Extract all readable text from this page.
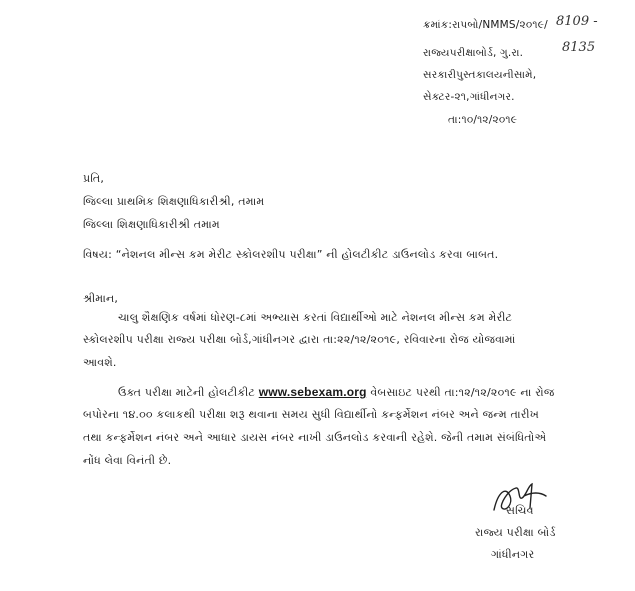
ક્રમાંક:રાપબો/NMMS/૨૦૧૯/ 8109 -
8135
રાજ્યપરીક્ષાબોર્ડ, ગુ.રા.
સરકારીપુસ્તકાલયનીસામે,
સેક્ટર-૨૧,ગાંધીનગર.
તા:૧૦/૧૨/૨૦૧૯
પ્રતિ,
જિલ્લા પ્રાથમિક શિક્ષણાધિકારીશ્રી, તમામ
જિલ્લા શિક્ષણાધિકારીશ્રી તમામ
વિષય: “નેશનલ મીન્સ કમ મેરીટ સ્કોલરશીપ પરીક્ષા” ની હોલટીકીટ ડાઉનલોડ કરવા બાબત.
શ્રીમાન,
ચાલુ શૈક્ષણિક વર્ષમાં ધોરણ-૮માં અભ્યાસ કરતાં વિદ્યાર્થીઓ માટે નેશનલ મીન્સ કમ મેરીટ
સ્કોલરશીપ પરીક્ષા રાજ્ય પરીક્ષા બોર્ડ,ગાંધીનગર દ્વારા તા:૨૨/૧૨/૨૦૧૯, રવિવારના રોજ યોજવામાં
આવશે.
ઉક્ત પરીક્ષા માટેની હોલટીકીટ www.sebexam.org વેબસાઇટ પરથી તા:૧૨/૧૨/૨૦૧૯ ના રોજ
બપોરના ૧૪.૦૦ કલાકથી પરીક્ષા શરૂ થવાના સમય સુધી વિદ્યાર્થીનો કન્ફર્મેશન નંબર અને જન્મ તારીખ
તથા કન્ફર્મેશન નંબર અને આધાર ડાયસ નંબર નાખી ડાઉનલોડ કરવાની રહેશે. જેની તમામ સંબંધિતોએ
નોંધ લેવા વિનંતી છે.
સચિવ
રાજ્ય પરીક્ષા બોર્ડ
ગાંધીનગર
